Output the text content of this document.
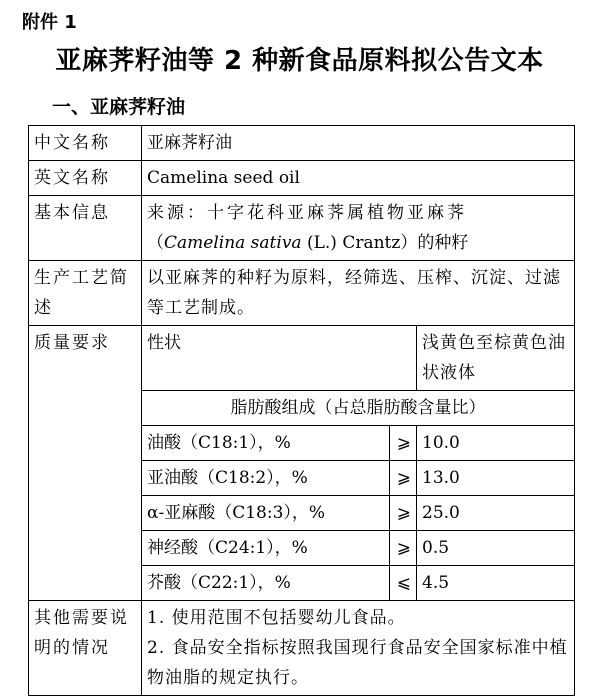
附件 1
亚麻荠籽油等 2 种新食品原料拟公告文本
一、亚麻荠籽油
中文名称	亚麻荠籽油		
英文名称	Camelina seed oil		
基本信息	来源：十字花科亚麻荠属植物亚麻荠
（Camelina sativa (L.) Crantz）的种籽		

生产工艺简述	以亚麻荠的种籽为原料，经筛选、压榨、沉淀、过滤等工艺制成。		
质量要求	性状		浅黄色至棕黄色油状液体
	脂肪酸组成（占总脂肪酸含量比）		
	油酸（C18:1），%	⩾	10.0
	亚油酸（C18:2），%	⩾	13.0
	α-亚麻酸（C18:3），%	⩾	25.0
	神经酸（C24:1），%	⩾	0.5
	芥酸（C22:1），%	⩽	4.5
其他需要说明的情况	1. 使用范围不包括婴幼儿食品。
2. 食品安全指标按照我国现行食品安全国家标准中植物油脂的规定执行。		
